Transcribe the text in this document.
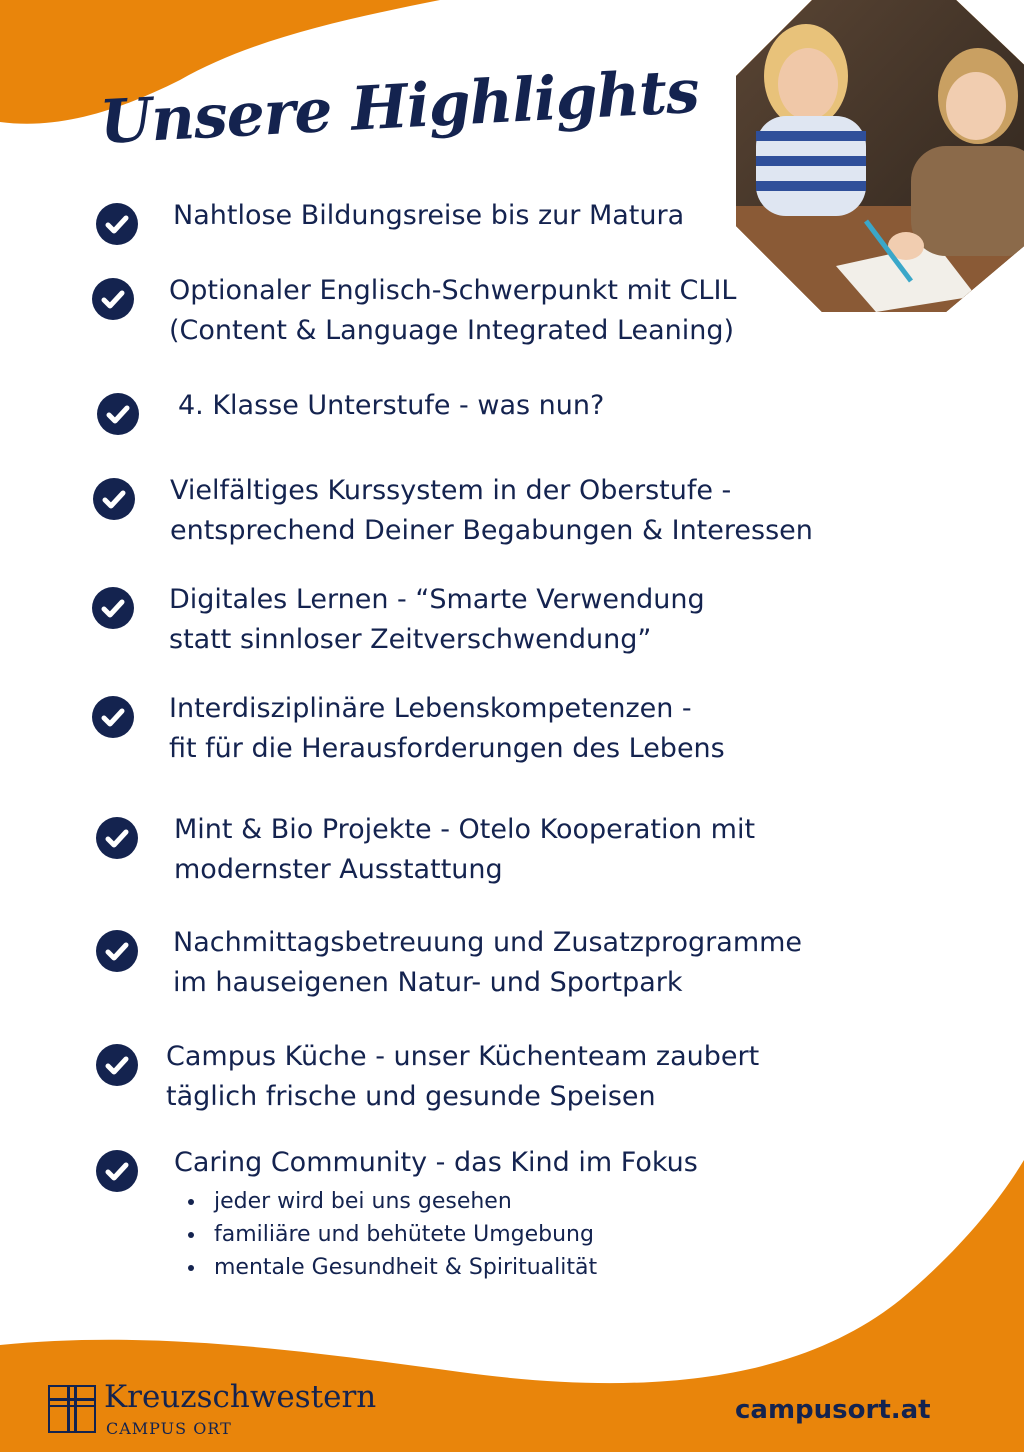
Unsere Highlights
Nahtlose Bildungsreise bis zur Matura
Optionaler Englisch-Schwerpunkt mit CLIL
(Content & Language Integrated Leaning)
4. Klasse Unterstufe - was nun?
Vielfältiges Kurssystem in der Oberstufe -
entsprechend Deiner Begabungen & Interessen
Digitales Lernen - “Smarte Verwendung
statt sinnloser Zeitverschwendung”
Interdisziplinäre Lebenskompetenzen -
fit für die Herausforderungen des Lebens
Mint & Bio Projekte - Otelo Kooperation mit
modernster Ausstattung
Nachmittagsbetreuung und Zusatzprogramme
im hauseigenen Natur- und Sportpark
Campus Küche - unser Küchenteam zaubert
täglich frische und gesunde Speisen
Caring Community - das Kind im Fokus
jeder wird bei uns gesehen
familiäre und behütete Umgebung
mentale Gesundheit & Spiritualität
Kreuzschwestern
CAMPUS ORT
campusort.at
